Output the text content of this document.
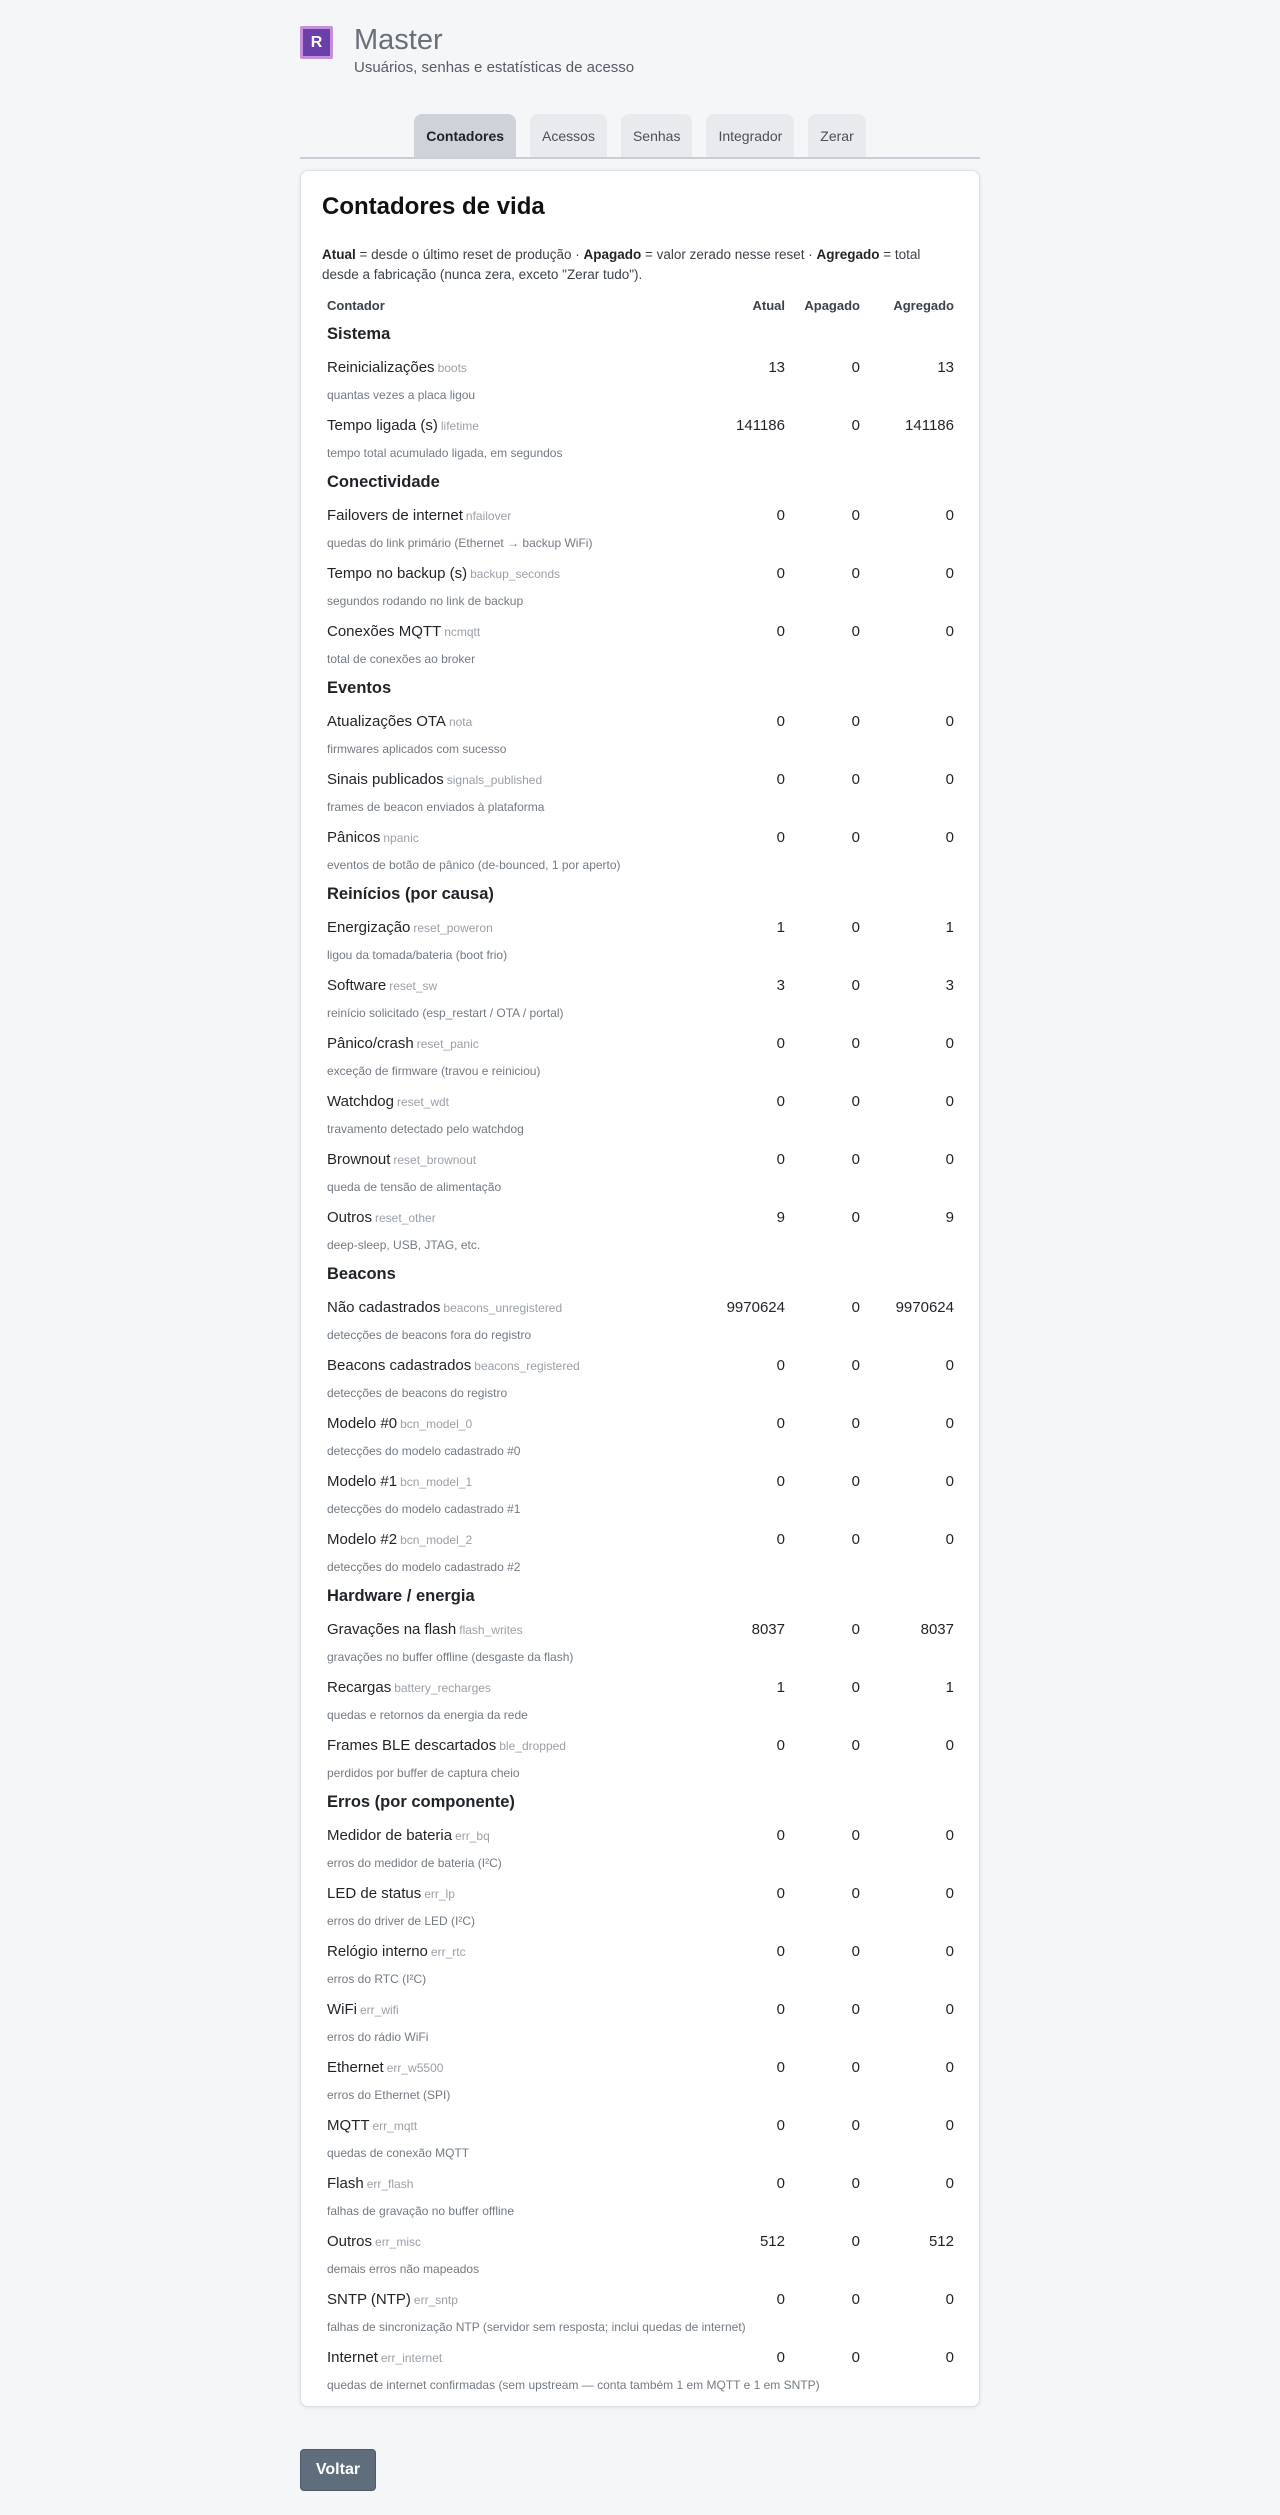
R	Master
Usuários, senhas e estatísticas de acesso
Contadores	Acessos	Senhas	Integrador	Zerar
Contadores de vida
Atual = desde o último reset de produção · Apagado = valor zerado nesse reset · Agregado = total desde a fabricação (nunca zera, exceto "Zerar tudo").
Contador	Atual Apagado	Agregado
Sistema
Reinicializações boots	13	0	13
quantas vezes a placa ligou
Tempo ligada (s) lifetime	141186	0	141186
tempo total acumulado ligada, em segundos
Conectividade
Failovers de internet nfailover	0	0	0
quedas do link primário (Ethernet → backup WiFi)
Tempo no backup (s) backup_seconds	0	0	0
segundos rodando no link de backup
Conexões MQTT ncmqtt	0	0	0
total de conexões ao broker
Eventos
Atualizações OTA nota	0	0	0
firmwares aplicados com sucesso
Sinais publicados signals_published	0	0	0
frames de beacon enviados à plataforma
Pânicos npanic	0	0	0
eventos de botão de pânico (de-bounced, 1 por aperto)
Reinícios (por causa)
Energização reset_poweron	1	0	1
ligou da tomada/bateria (boot frio)
Software reset_sw	3	0	3
reinício solicitado (esp_restart / OTA / portal)
Pânico/crash reset_panic	0	0	0
exceção de firmware (travou e reiniciou)
Watchdog reset_wdt	0	0	0
travamento detectado pelo watchdog
Brownout reset_brownout	0	0	0
queda de tensão de alimentação
Outros reset_other	9	0	9
deep-sleep, USB, JTAG, etc.
Beacons
Não cadastrados beacons_unregistered	9970624	0 9970624
detecções de beacons fora do registro
Beacons cadastrados beacons_registered	0	0	0
detecções de beacons do registro
Modelo #0 bcn_model_0	0	0	0
detecções do modelo cadastrado #0
Modelo #1 bcn_model_1	0	0	0
detecções do modelo cadastrado #1
Modelo #2 bcn_model_2	0	0	0
detecções do modelo cadastrado #2
Hardware / energia
Gravações na flash flash_writes	8037	0	8037
gravações no buffer offline (desgaste da flash)
Recargas battery_recharges	1	0	1
quedas e retornos da energia da rede
Frames BLE descartados ble_dropped	0	0	0
perdidos por buffer de captura cheio
Erros (por componente)
Medidor de bateria err_bq	0	0	0
erros do medidor de bateria (I²C)
LED de status err_lp	0	0	0
erros do driver de LED (I²C)
Relógio interno err_rtc	0	0	0
erros do RTC (I²C)
WiFi err_wifi	0	0	0
erros do rádio WiFi
Ethernet err_w5500	0	0	0
erros do Ethernet (SPI)
MQTT err_mqtt	0	0	0
quedas de conexão MQTT
Flash err_flash	0	0	0
falhas de gravação no buffer offline
Outros err_misc	512	0	512
demais erros não mapeados
SNTP (NTP) err_sntp	0	0	0
falhas de sincronização NTP (servidor sem resposta; inclui quedas de internet)
Internet err_internet	0	0	0
quedas de internet confirmadas (sem upstream — conta também 1 em MQTT e 1 em SNTP)
Voltar
